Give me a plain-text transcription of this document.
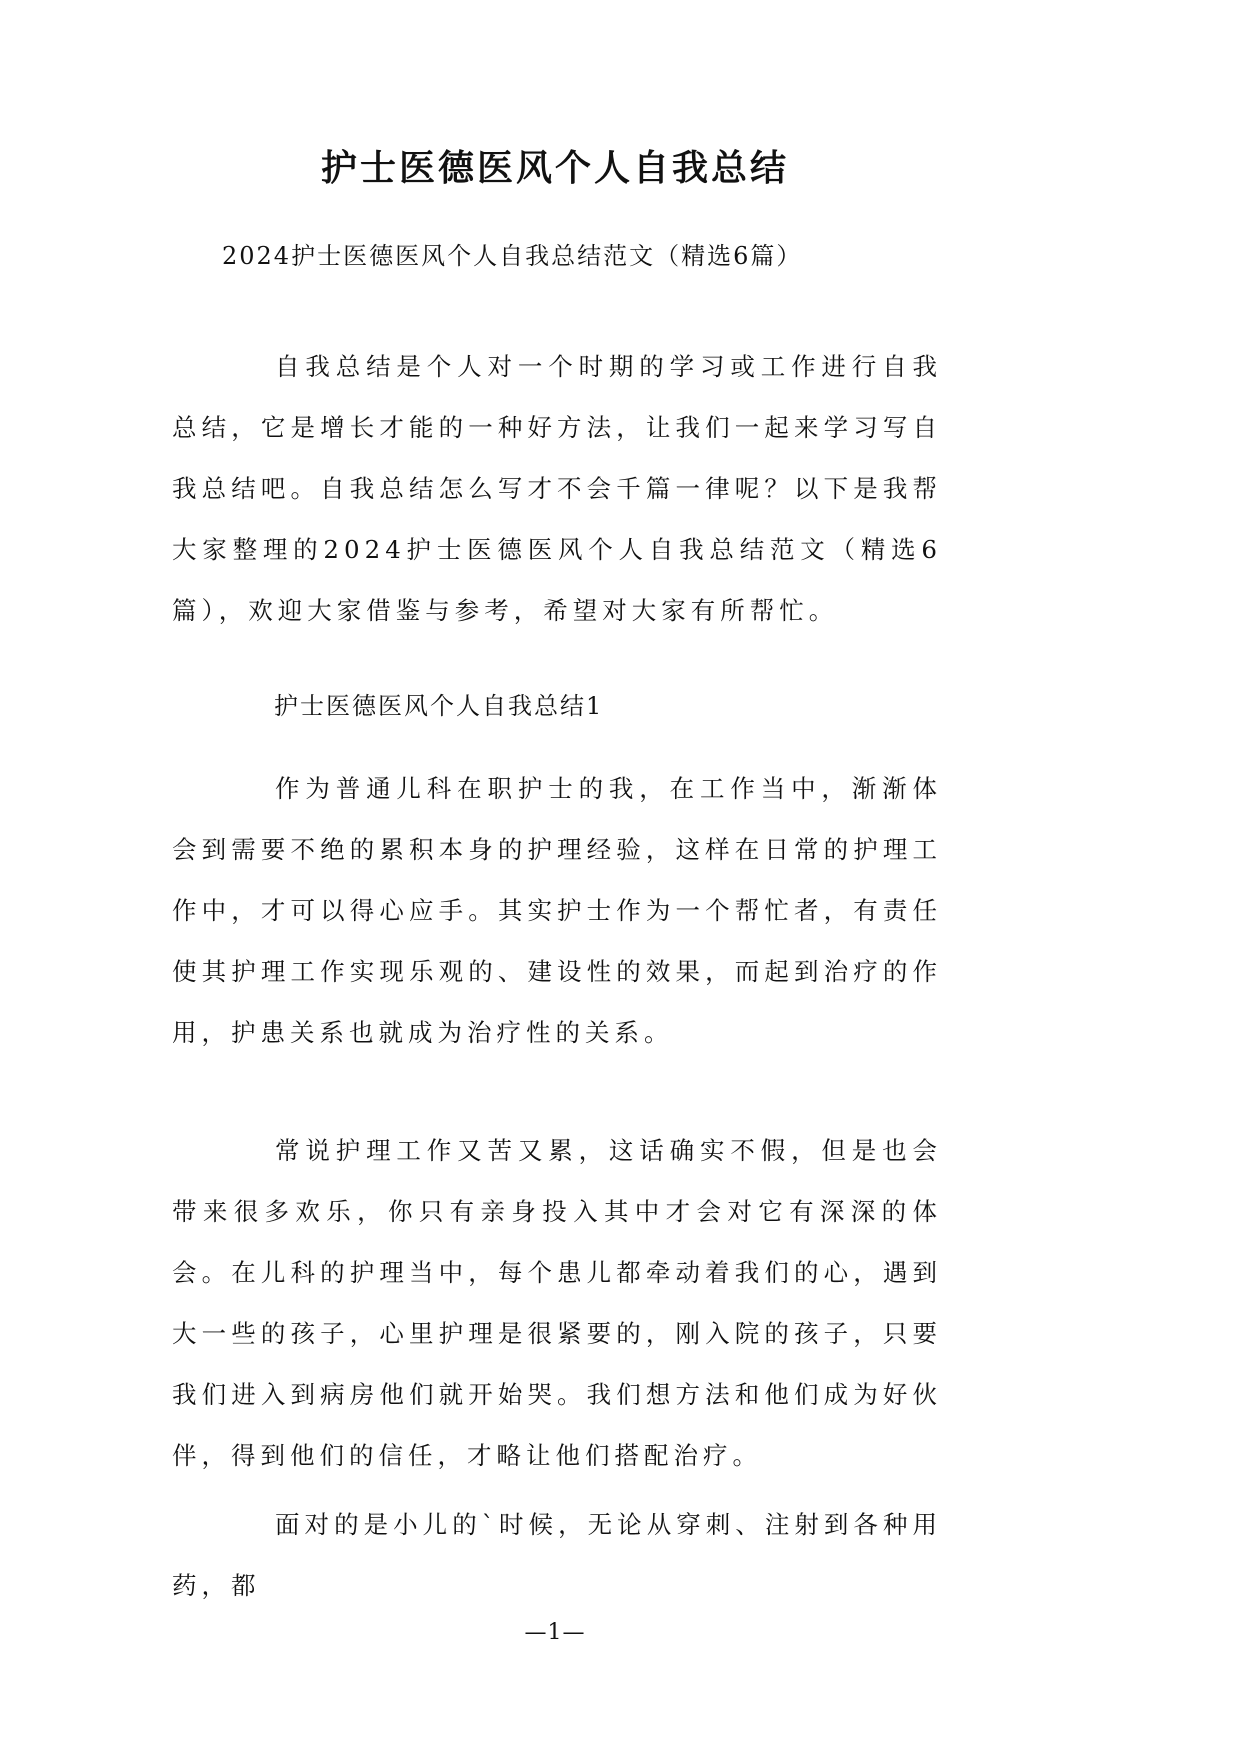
护士医德医风个人自我总结
2024护士医德医风个人自我总结范文（精选6篇）
自我总结是个人对一个时期的学习或工作进行自我总结，它是增长才能的一种好方法，让我们一起来学习写自我总结吧。自我总结怎么写才不会千篇一律呢？以下是我帮大家整理的2024护士医德医风个人自我总结范文（精选6篇），欢迎大家借鉴与参考，希望对大家有所帮忙。
护士医德医风个人自我总结1
作为普通儿科在职护士的我，在工作当中，渐渐体会到需要不绝的累积本身的护理经验，这样在日常的护理工作中，才可以得心应手。其实护士作为一个帮忙者，有责任使其护理工作实现乐观的、建设性的效果，而起到治疗的作用，护患关系也就成为治疗性的关系。
常说护理工作又苦又累，这话确实不假，但是也会带来很多欢乐，你只有亲身投入其中才会对它有深深的体会。在儿科的护理当中，每个患儿都牵动着我们的心，遇到大一些的孩子，心里护理是很紧要的，刚入院的孩子，只要我们进入到病房他们就开始哭。我们想方法和他们成为好伙伴，得到他们的信任，才略让他们搭配治疗。
面对的是小儿的`时候，无论从穿刺、注射到各种用药，都
—1—
